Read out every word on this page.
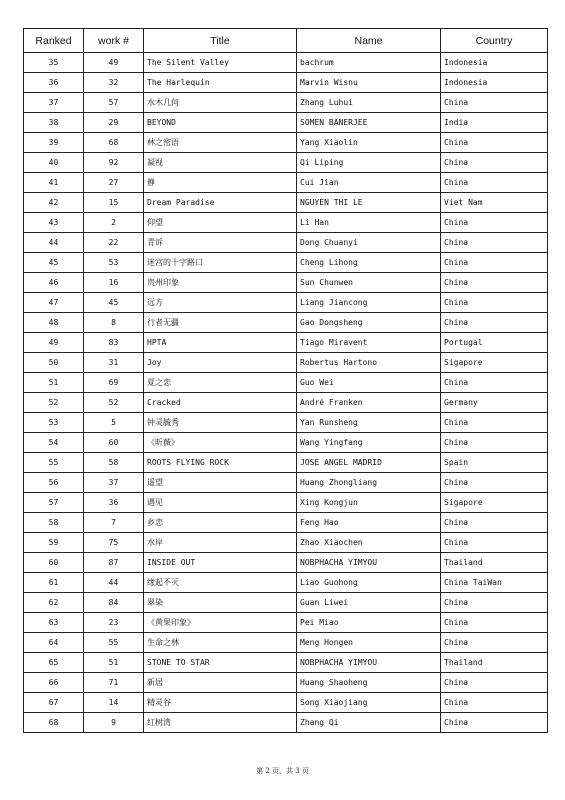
Ranked	work #	Title	Name	Country
35	49	The Silent Valley	bachrum	Indonesia
36	32	The Harlequin	Marvin Wisnu	Indonesia
37	57	水木几何	Zhang Luhui	China
38	29	BEYOND	SOMEN BANERJEE	India
39	68	林之密语	Yang Xiaolin	China
40	92	凝视	Qi Liping	China
41	27	静	Cui Jian	China
42	15	Dream Paradise	NGUYEN THI LE	Viet Nam
43	2	仰望	Li Han	China
44	22	青诉	Dong Chuanyi	China
45	53	迷宫的十字路口	Cheng Lihong	China
46	16	贵州印象	Sun Chunwen	China
47	45	远方	Liang Jiancong	China
48	8	行者无疆	Gao Dongsheng	China
49	83	HPTA	Tiago Miravent	Portugal
50	31	Joy	Robertus Hartono	Sigapore
51	69	夏之恋	Guo Wei	China
52	52	Cracked	André Franken	Germany
53	5	钟灵毓秀	Yan Runsheng	China
54	60	《昕薇》	Wang Yingfang	China
55	58	ROOTS FLYING ROCK	JOSE ANGEL MADRID	Spain
56	37	遥望	Huang Zhongliang	China
57	36	遇见	Xing Kongjun	Sigapore
58	7	乡恋	Feng Hao	China
59	75	水岸	Zhao Xiaochen	China
60	87	INSIDE OUT	NOBPHACHA YIMYOU	Thailand
61	44	缘起不灭	Liao Guohong	China TaiWan
62	84	翠染	Guan Liwei	China
63	23	《黄果印象》	Pei Miao	China
64	55	生命之林	Meng Hongen	China
65	51	STONE TO STAR	NOBPHACHA YIMYOU	Thailand
66	71	新居	Huang Shaoheng	China
67	14	精灵谷	Song Xiaojiang	China
68	9	红树湾	Zhang Qi	China
第 2 页，共 3 页
